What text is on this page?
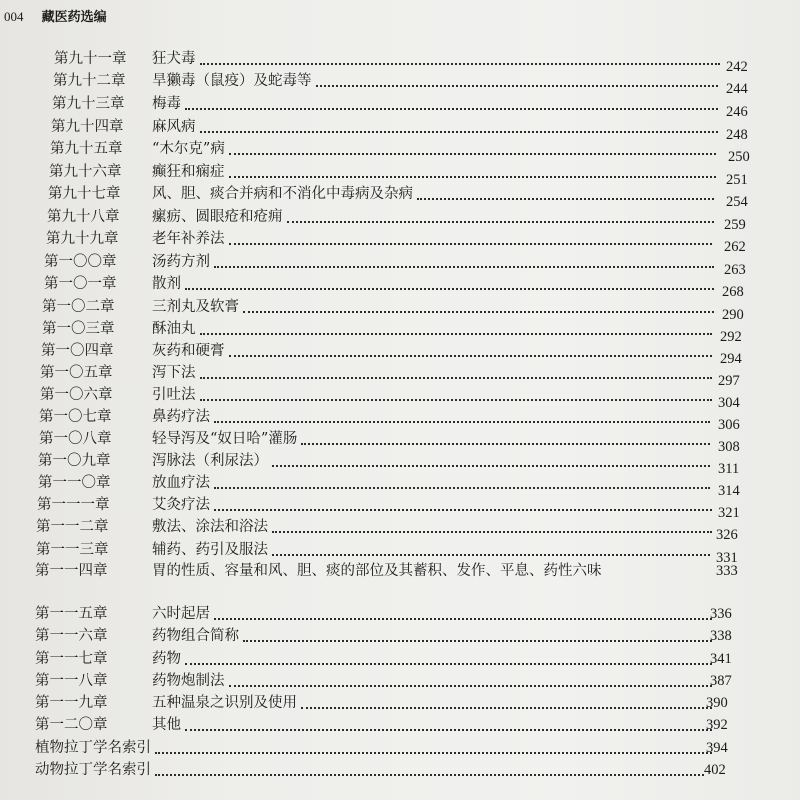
004 藏医药选编
第九十一章 狂犬毒	242
第九十二章 旱獭毒（鼠疫）及蛇毒等	244
第九十三章 梅毒	246
第九十四章 麻风病	248
第九十五章 “木尔克”病	250
第九十六章 癫狂和痫症	251
第九十七章 风、胆、痰合并病和不消化中毒病及杂病	254
第九十八章 瘰疬、圆眼疮和疮痈	259
第九十九章 老年补养法	262
第一〇〇章 汤药方剂	263
第一〇一章 散剂	268
第一〇二章	三剂丸及软膏	290
第一〇三章	酥油丸	292
第一〇四章	灰药和硬膏	294
第一〇五章	泻下法	297
第一〇六章	引吐法	304
第一〇七章	鼻药疗法	306
第一〇八章	轻导泻及“奴日哈”灌肠	308
第一〇九章	泻脉法（利尿法）	311
第一一〇章	放血疗法	314
第一一一章	艾灸疗法	321
第一一二章	敷法、涂法和浴法	326
第一一三章	辅药、药引及服法	331
第一一四章	胃的性质、容量和风、胆、痰的部位及其蓄积、发作、平息、药性六味	333
第一一五章	六时起居	336
第一一六章	药物组合简称	338
第一一七章	药物	341
第一一八章	药物炮制法	387
第一一九章	五种温泉之识别及使用	390
第一二〇章	其他	392
植物拉丁学名索引	394
动物拉丁学名索引	402
